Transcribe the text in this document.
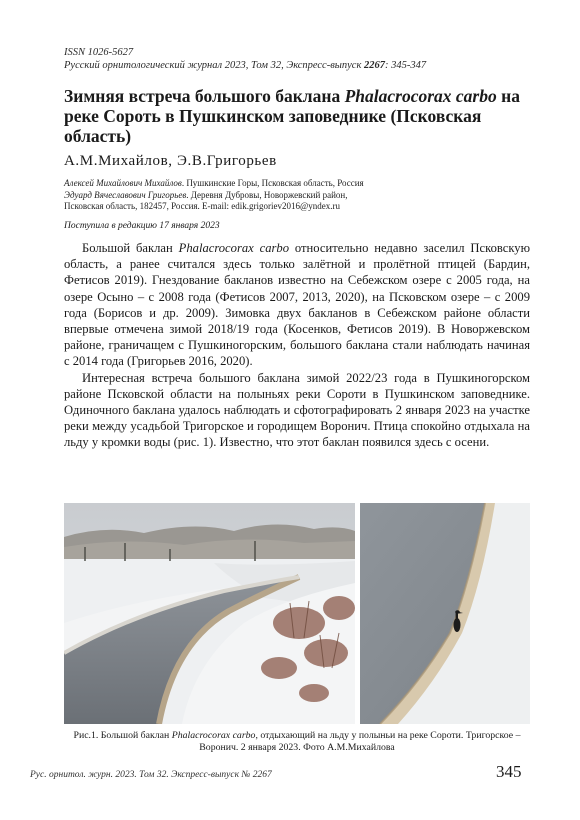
ISSN 1026-5627
Русский орнитологический журнал 2023, Том 32, Экспресс-выпуск 2267: 345-347
Зимняя встреча большого баклана Phalacrocorax carbo на реке Сороть в Пушкинском заповеднике (Псковская область)
А.М.Михайлов, Э.В.Григорьев
Алексей Михайлович Михайлов. Пушкинские Горы, Псковская область, Россия
Эдуард Вячеславович Григорьев. Деревня Дубровы, Новоржевский район,
Псковская область, 182457, Россия. E-mail: edik.grigoriev2016@yndex.ru
Поступила в редакцию 17 января 2023

Большой баклан Phalacrocorax carbo относительно недавно заселил Псковскую область, а ранее считался здесь только залётной и пролётной птицей (Бардин, Фетисов 2019). Гнездование бакланов известно на Себежском озере с 2005 года, на озере Осыно – с 2008 года (Фетисов 2007, 2013, 2020), на Псковском озере – с 2009 года (Борисов и др. 2009). Зимовка двух бакланов в Себежском районе области впервые отмечена зимой 2018/19 года (Косенков, Фетисов 2019). В Новоржевском районе, граничащем с Пушкиногорским, большого баклана стали наблюдать начиная с 2014 года (Григорьев 2016, 2020).

Интересная встреча большого баклана зимой 2022/23 года в Пушкиногорском районе Псковской области на полыньях реки Сороти в Пушкинском заповеднике. Одиночного баклана удалось наблюдать и сфотографировать 2 января 2023 на участке реки между усадьбой Тригорское и городищем Воронич. Птица спокойно отдыхала на льду у кромки воды (рис. 1). Известно, что этот баклан появился здесь с осени.

Рис.1. Большой баклан Phalacrocorax carbo, отдыхающий на льду у полыньи на реке Сороти. Тригорское – Воронич. 2 января 2023. Фото А.М.Михайлова
Рус. орнитол. журн. 2023. Том 32. Экспресс-выпуск № 2267	345
